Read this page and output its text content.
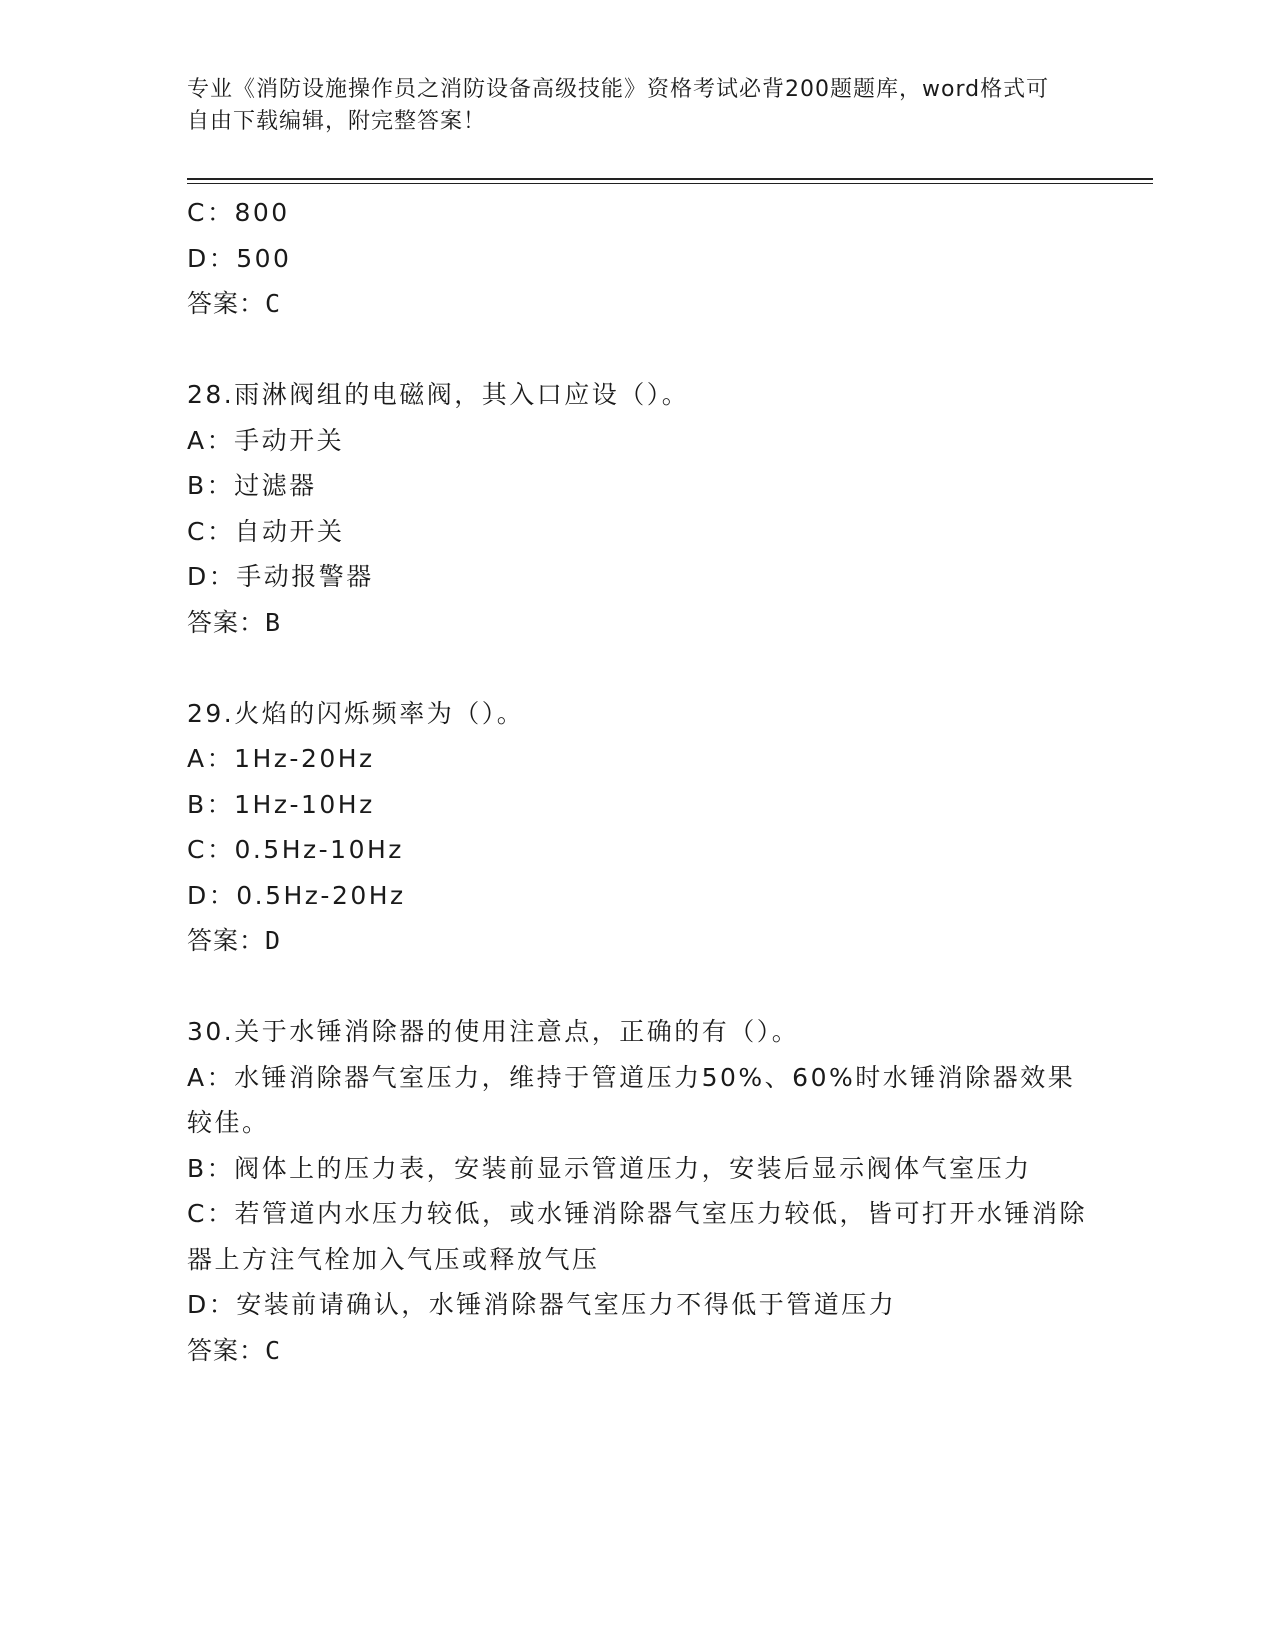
专业《消防设施操作员之消防设备高级技能》资格考试必背200题题库，word格式可自由下载编辑，附完整答案！
C：800
D：500
答案：C
28.雨淋阀组的电磁阀，其入口应设（）。
A：手动开关
B：过滤器
C：自动开关
D：手动报警器
答案：B
29.火焰的闪烁频率为（）。
A：1Hz-20Hz
B：1Hz-10Hz
C：0.5Hz-10Hz
D：0.5Hz-20Hz
答案：D
30.关于水锤消除器的使用注意点，正确的有（）。
A：水锤消除器气室压力，维持于管道压力50%、60%时水锤消除器效果较佳。
B：阀体上的压力表，安装前显示管道压力，安装后显示阀体气室压力
C：若管道内水压力较低，或水锤消除器气室压力较低，皆可打开水锤消除器上方注气栓加入气压或释放气压
D：安装前请确认，水锤消除器气室压力不得低于管道压力
答案：C
